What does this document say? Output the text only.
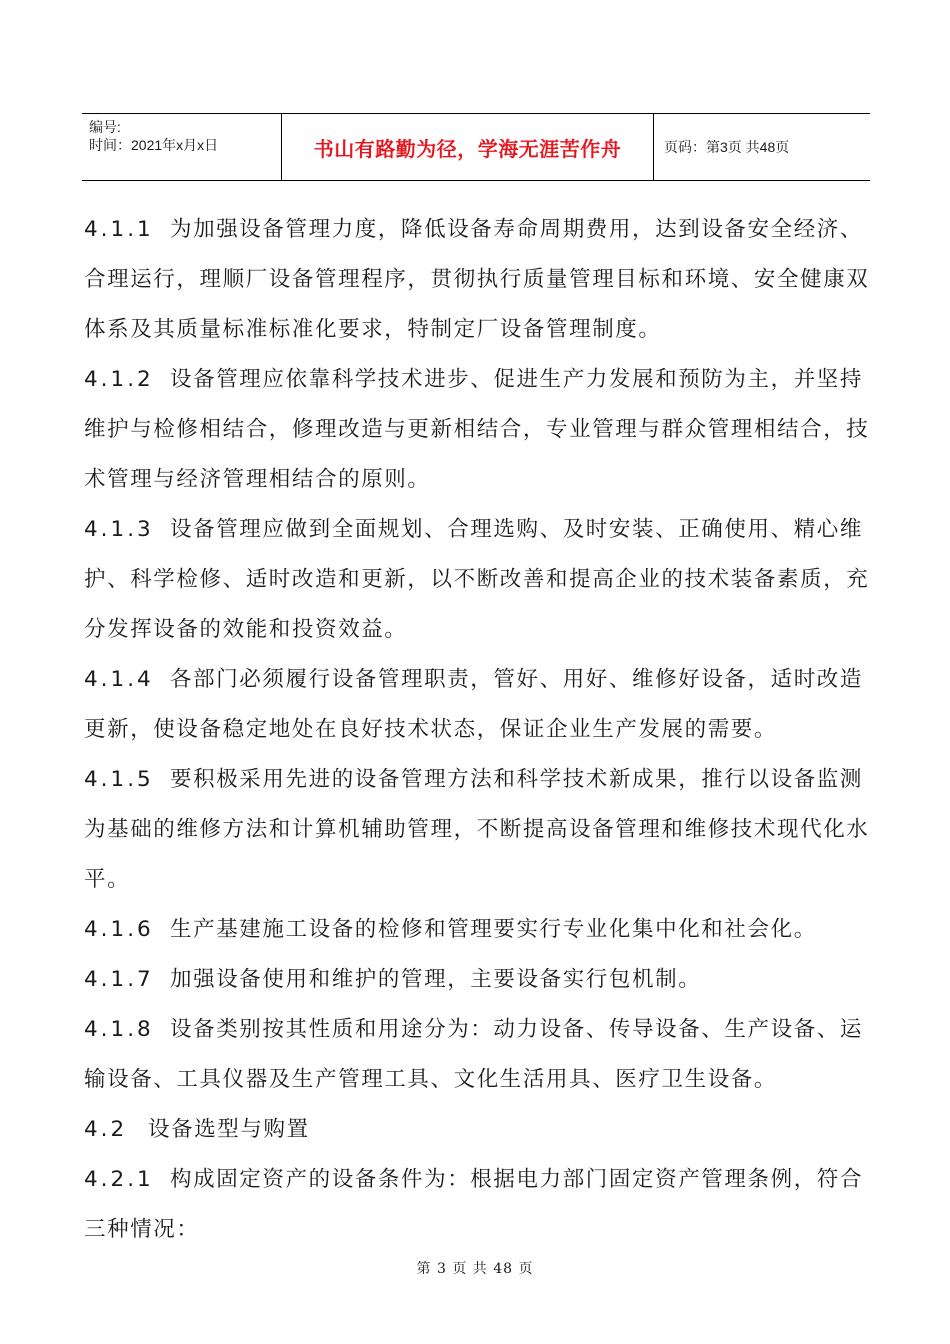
编号:
时间：2021年x月x日	书山有路勤为径，学海无涯苦作舟	页码：第3页 共48页

4.1.1 为加强设备管理力度，降低设备寿命周期费用，达到设备安全经济、合理运行，理顺厂设备管理程序，贯彻执行质量管理目标和环境、安全健康双体系及其质量标准标准化要求，特制定厂设备管理制度。

4.1.2 设备管理应依靠科学技术进步、促进生产力发展和预防为主，并坚持维护与检修相结合，修理改造与更新相结合，专业管理与群众管理相结合，技术管理与经济管理相结合的原则。

4.1.3 设备管理应做到全面规划、合理选购、及时安装、正确使用、精心维护、科学检修、适时改造和更新，以不断改善和提高企业的技术装备素质，充分发挥设备的效能和投资效益。

4.1.4 各部门必须履行设备管理职责，管好、用好、维修好设备，适时改造更新，使设备稳定地处在良好技术状态，保证企业生产发展的需要。

4.1.5 要积极采用先进的设备管理方法和科学技术新成果，推行以设备监测为基础的维修方法和计算机辅助管理，不断提高设备管理和维修技术现代化水平。

4.1.6 生产基建施工设备的检修和管理要实行专业化集中化和社会化。

4.1.7 加强设备使用和维护的管理，主要设备实行包机制。

4.1.8 设备类别按其性质和用途分为：动力设备、传导设备、生产设备、运输设备、工具仪器及生产管理工具、文化生活用具、医疗卫生设备。

4.2 设备选型与购置

4.2.1 构成固定资产的设备条件为：根据电力部门固定资产管理条例，符合三种情况：

第 3 页 共 48 页
